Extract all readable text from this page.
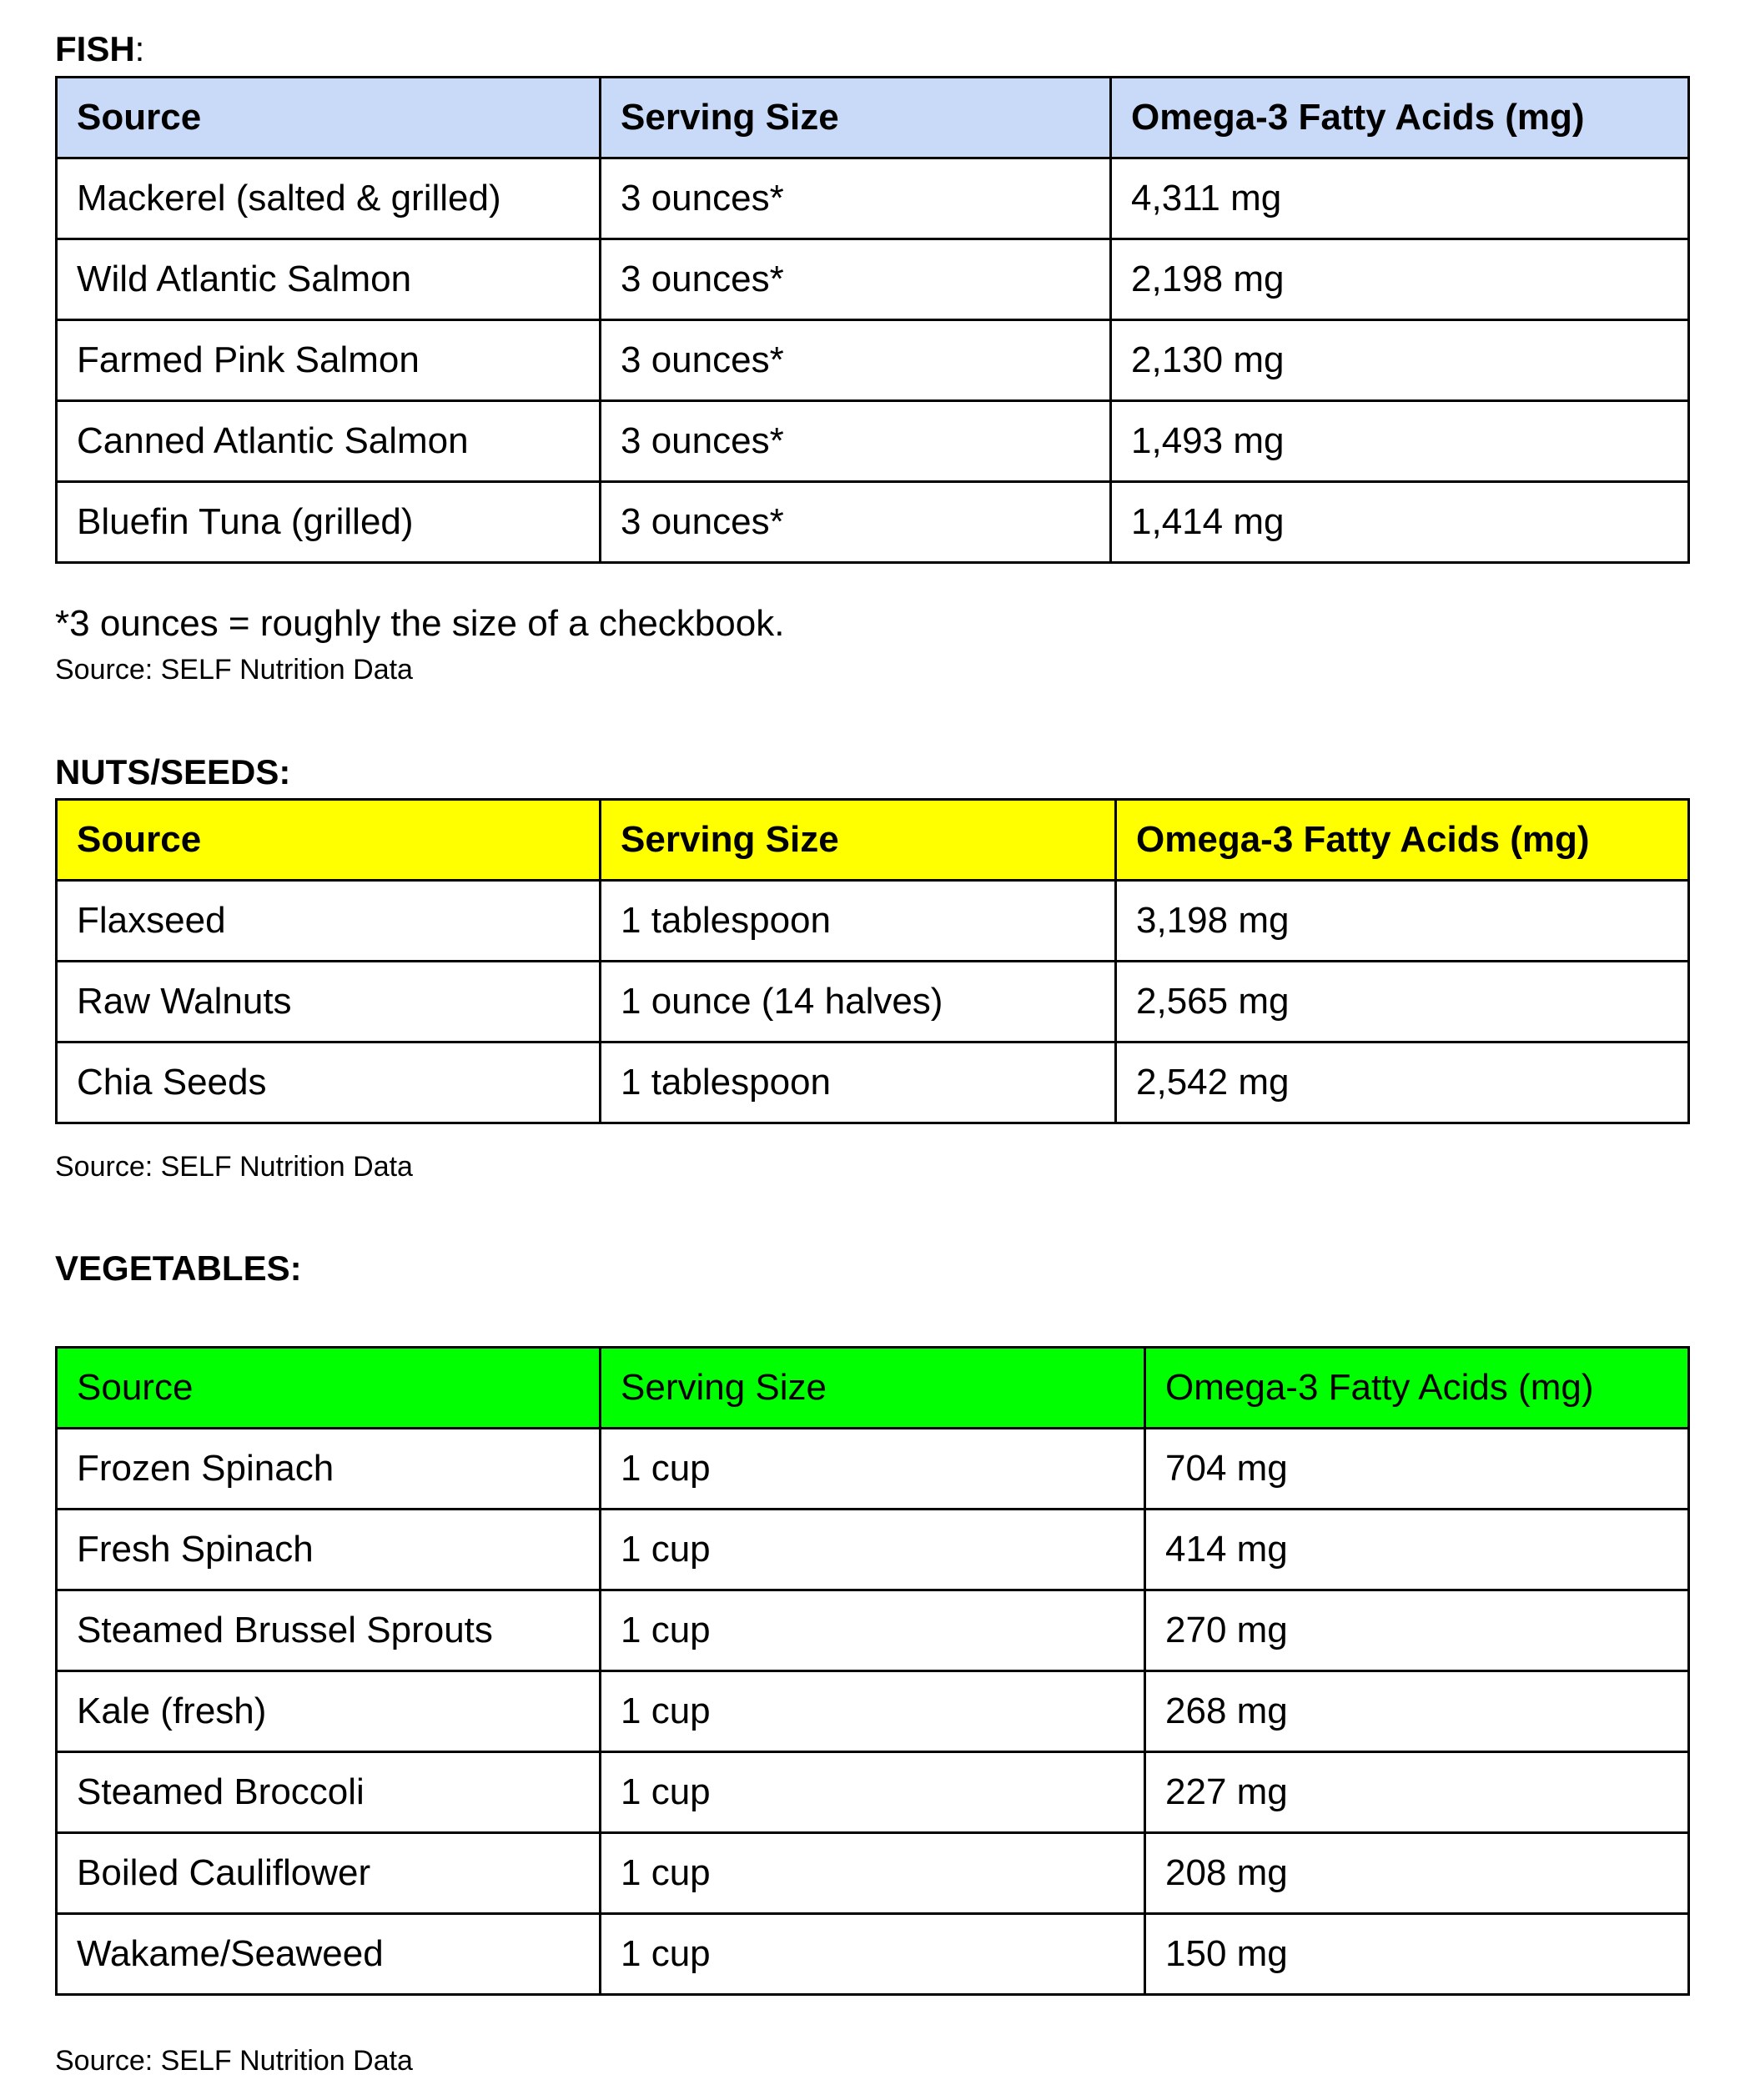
FISH:
Source	Serving Size	Omega-3 Fatty Acids (mg)
Mackerel (salted & grilled)	3 ounces*	4,311 mg
Wild Atlantic Salmon	3 ounces*	2,198 mg
Farmed Pink Salmon	3 ounces*	2,130 mg
Canned Atlantic Salmon	3 ounces*	1,493 mg
Bluefin Tuna (grilled)	3 ounces*	1,414 mg
*3 ounces = roughly the size of a checkbook.
Source: SELF Nutrition Data
NUTS/SEEDS:
Source	Serving Size	Omega-3 Fatty Acids (mg)
Flaxseed	1 tablespoon	3,198 mg
Raw Walnuts	1 ounce (14 halves)	2,565 mg
Chia Seeds	1 tablespoon	2,542 mg
Source: SELF Nutrition Data
VEGETABLES:
Source	Serving Size	Omega-3 Fatty Acids (mg)
Frozen Spinach	1 cup	704 mg
Fresh Spinach	1 cup	414 mg
Steamed Brussel Sprouts	1 cup	270 mg
Kale (fresh)	1 cup	268 mg
Steamed Broccoli	1 cup	227 mg
Boiled Cauliflower	1 cup	208 mg
Wakame/Seaweed	1 cup	150 mg
Source: SELF Nutrition Data
